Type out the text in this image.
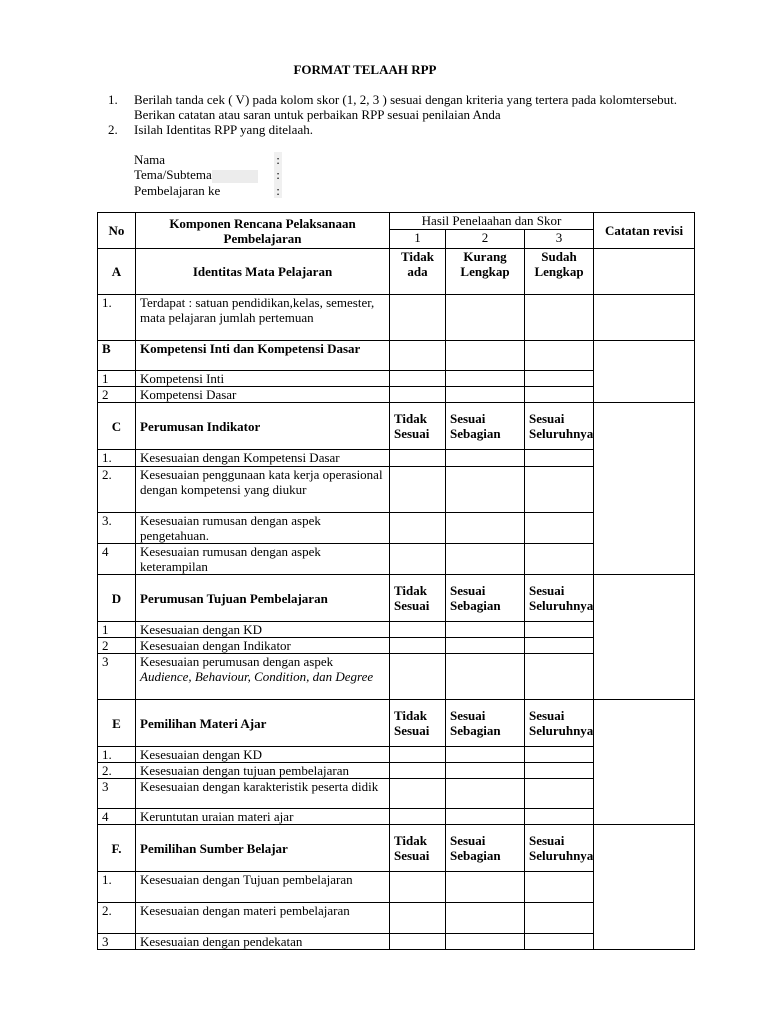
FORMAT TELAAH RPP
1. Berilah tanda cek ( V) pada kolom skor (1, 2, 3 ) sesuai dengan kriteria yang tertera pada kolomtersebut. Berikan catatan atau saran untuk perbaikan RPP sesuai penilaian Anda
2. Isilah Identitas RPP yang ditelaah.
Nama	:
Tema/Subtema	:
Pembelajaran ke	:
No	Komponen Rencana Pelaksanaan Pembelajaran	Hasil Penelaahan dan Skor			Catatan revisi
		1	2	3	
A	Identitas Mata Pelajaran	Tidak ada	Kurang Lengkap	Sudah Lengkap	
1.	Terdapat : satuan pendidikan,kelas, semester, mata pelajaran jumlah pertemuan				
B	Kompetensi Inti dan Kompetensi Dasar				
1	Kompetensi Inti				
2	Kompetensi Dasar				
C	Perumusan Indikator	Tidak Sesuai	Sesuai Sebagian	Sesuai Seluruhnya	
1.	Kesesuaian dengan Kompetensi Dasar				
2.	Kesesuaian penggunaan kata kerja operasional dengan kompetensi yang diukur				
3.	Kesesuaian rumusan dengan aspek pengetahuan.				
4	Kesesuaian rumusan dengan aspek keterampilan				
D	Perumusan Tujuan Pembelajaran	Tidak Sesuai	Sesuai Sebagian	Sesuai Seluruhnya	
1	Kesesuaian dengan KD				
2	Kesesuaian dengan Indikator				
3	Kesesuaian perumusan dengan aspek
Audience, Behaviour, Condition, dan Degree				
E	Pemilihan Materi Ajar	Tidak Sesuai	Sesuai Sebagian	Sesuai Seluruhnya	
1.	Kesesuaian dengan KD				
2.	Kesesuaian dengan tujuan pembelajaran				
3	Kesesuaian dengan karakteristik peserta didik				
4	Keruntutan uraian materi ajar				
F.	Pemilihan Sumber Belajar	Tidak Sesuai	Sesuai Sebagian	Sesuai Seluruhnya	
1.	Kesesuaian dengan Tujuan pembelajaran				
2.	Kesesuaian dengan materi pembelajaran				
3	Kesesuaian dengan pendekatan				
